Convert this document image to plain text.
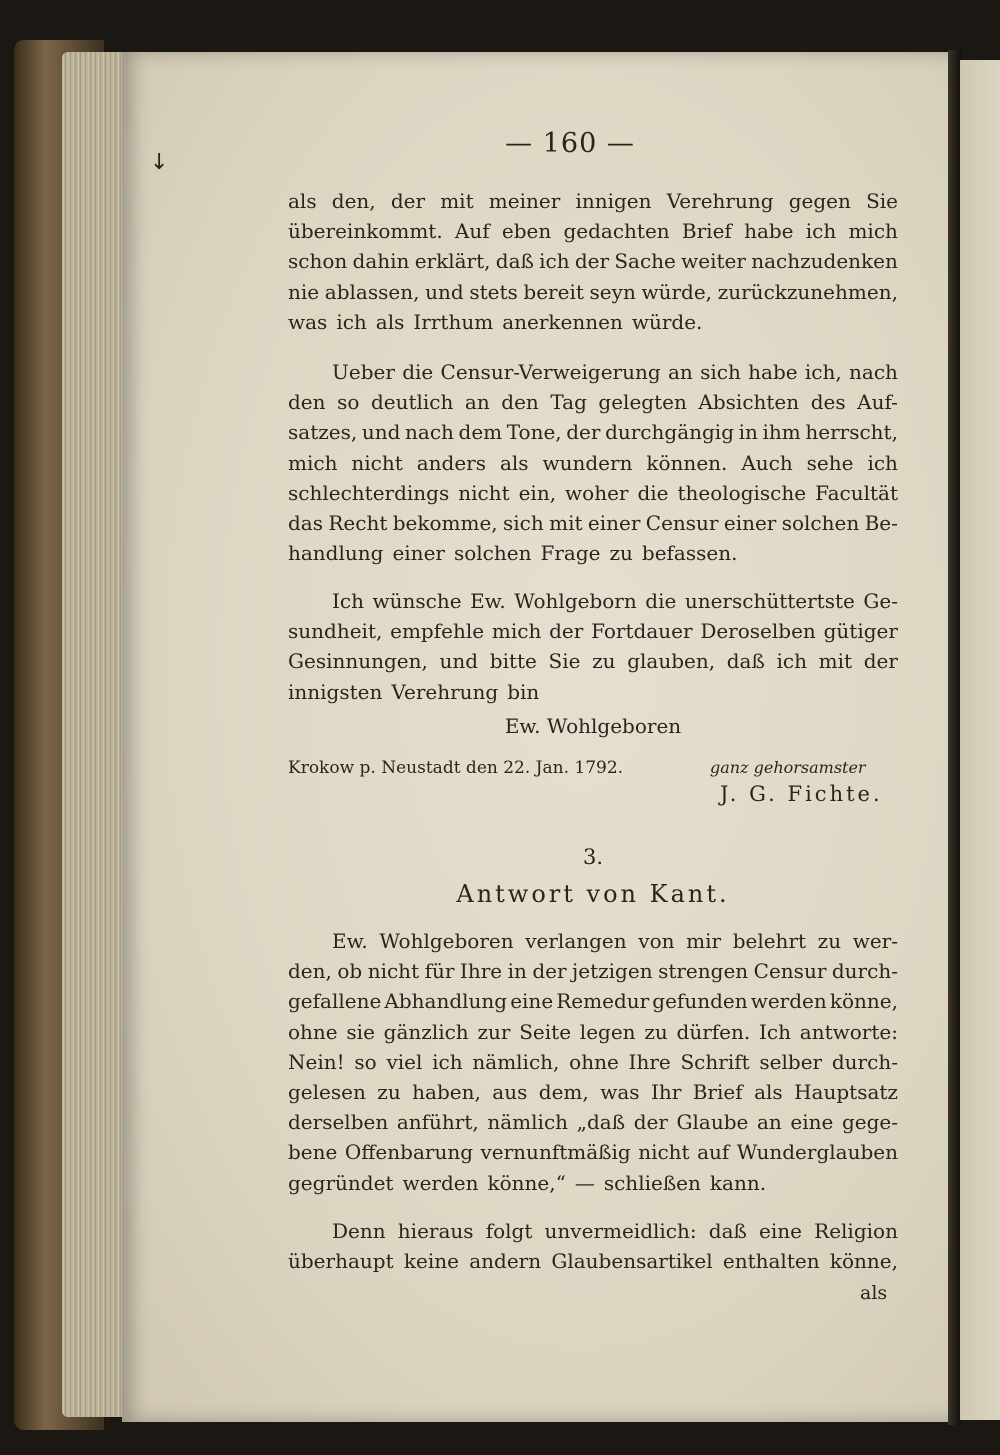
↓
— 160 —
als den, der mit meiner innigen Verehrung gegen Sie
übereinkommt. Auf eben gedachten Brief habe ich mich
schon dahin erklärt, daß ich der Sache weiter nachzudenken
nie ablassen, und stets bereit seyn würde, zurückzunehmen,
was ich als Irrthum anerkennen würde.
Ueber die Censur-Verweigerung an sich habe ich, nach
den so deutlich an den Tag gelegten Absichten des Auf-
satzes, und nach dem Tone, der durchgängig in ihm herrscht,
mich nicht anders als wundern können. Auch sehe ich
schlechterdings nicht ein, woher die theologische Facultät
das Recht bekomme, sich mit einer Censur einer solchen Be-
handlung einer solchen Frage zu befassen.
Ich wünsche Ew. Wohlgeborn die unerschüttertste Ge-
sundheit, empfehle mich der Fortdauer Deroselben gütiger
Gesinnungen, und bitte Sie zu glauben, daß ich mit der
innigsten Verehrung bin
Ew. Wohlgeboren
Krokow p. Neustadt den 22. Jan. 1792.	ganz gehorsamster
J. G. Fichte.
3.
Antwort von Kant.
Ew. Wohlgeboren verlangen von mir belehrt zu wer-
den, ob nicht für Ihre in der jetzigen strengen Censur durch-
gefallene Abhandlung eine Remedur gefunden werden könne,
ohne sie gänzlich zur Seite legen zu dürfen. Ich antworte:
Nein! so viel ich nämlich, ohne Ihre Schrift selber durch-
gelesen zu haben, aus dem, was Ihr Brief als Hauptsatz
derselben anführt, nämlich „daß der Glaube an eine gege-
bene Offenbarung vernunftmäßig nicht auf Wunderglauben
gegründet werden könne,“ — schließen kann.
Denn hieraus folgt unvermeidlich: daß eine Religion
überhaupt keine andern Glaubensartikel enthalten könne,
als
